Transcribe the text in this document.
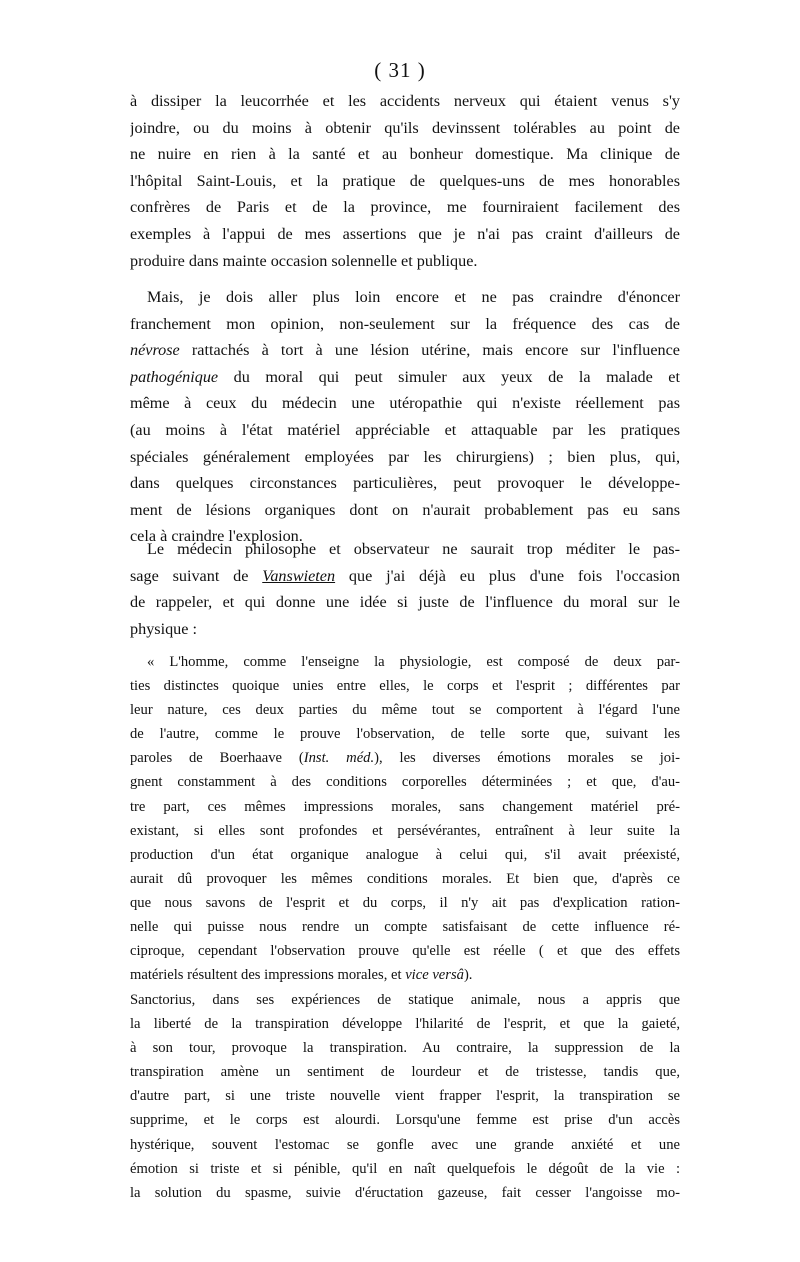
( 31 )
à dissiper la leucorrhée et les accidents nerveux qui étaient venus s'y
joindre, ou du moins à obtenir qu'ils devinssent tolérables au point de
ne nuire en rien à la santé et au bonheur domestique. Ma clinique de
l'hôpital Saint-Louis, et la pratique de quelques-uns de mes honorables
confrères de Paris et de la province, me fourniraient facilement des
exemples à l'appui de mes assertions que je n'ai pas craint d'ailleurs de
produire dans mainte occasion solennelle et publique.
Mais, je dois aller plus loin encore et ne pas craindre d'énoncer
franchement mon opinion, non-seulement sur la fréquence des cas de
névrose rattachés à tort à une lésion utérine, mais encore sur l'influence
pathogénique du moral qui peut simuler aux yeux de la malade et
même à ceux du médecin une utéropathie qui n'existe réellement pas
(au moins à l'état matériel appréciable et attaquable par les pratiques
spéciales généralement employées par les chirurgiens) ; bien plus, qui,
dans quelques circonstances particulières, peut provoquer le développe-
ment de lésions organiques dont on n'aurait probablement pas eu sans
cela à craindre l'explosion.
Le médecin philosophe et observateur ne saurait trop méditer le pas-
sage suivant de Vanswieten que j'ai déjà eu plus d'une fois l'occasion
de rappeler, et qui donne une idée si juste de l'influence du moral sur le
physique :
« L'homme, comme l'enseigne la physiologie, est composé de deux par-
ties distinctes quoique unies entre elles, le corps et l'esprit ; différentes par
leur nature, ces deux parties du même tout se comportent à l'égard l'une
de l'autre, comme le prouve l'observation, de telle sorte que, suivant les
paroles de Boerhaave (Inst. méd.), les diverses émotions morales se joi-
gnent constamment à des conditions corporelles déterminées ; et que, d'au-
tre part, ces mêmes impressions morales, sans changement matériel pré-
existant, si elles sont profondes et persévérantes, entraînent à leur suite la
production d'un état organique analogue à celui qui, s'il avait préexisté,
aurait dû provoquer les mêmes conditions morales. Et bien que, d'après ce
que nous savons de l'esprit et du corps, il n'y ait pas d'explication ration-
nelle qui puisse nous rendre un compte satisfaisant de cette influence ré-
ciproque, cependant l'observation prouve qu'elle est réelle ( et que des effets
matériels résultent des impressions morales, et vice versâ).
Sanctorius, dans ses expériences de statique animale, nous a appris que
la liberté de la transpiration développe l'hilarité de l'esprit, et que la gaieté,
à son tour, provoque la transpiration. Au contraire, la suppression de la
transpiration amène un sentiment de lourdeur et de tristesse, tandis que,
d'autre part, si une triste nouvelle vient frapper l'esprit, la transpiration se
supprime, et le corps est alourdi. Lorsqu'une femme est prise d'un accès
hystérique, souvent l'estomac se gonfle avec une grande anxiété et une
émotion si triste et si pénible, qu'il en naît quelquefois le dégoût de la vie :
la solution du spasme, suivie d'éructation gazeuse, fait cesser l'angoisse mo-
